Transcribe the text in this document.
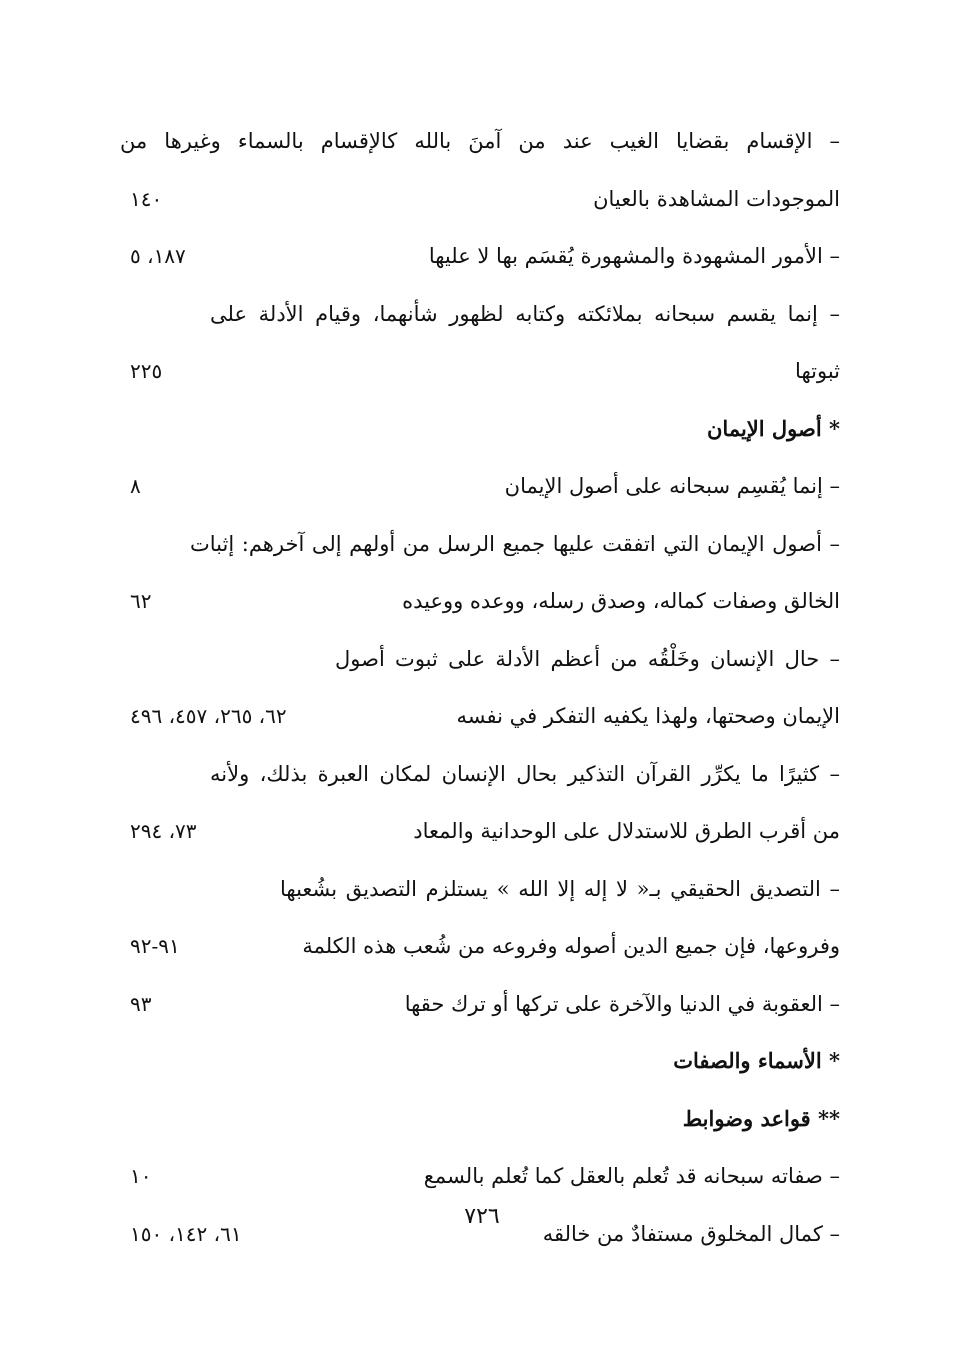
– الإقسام بقضايا الغيب عند من آمنَ بالله كالإقسام بالسماء وغيرها من
الموجودات المشاهدة بالعيان
١٤٠
– الأمور المشهودة والمشهورة يُقسَم بها لا عليها
١٨٧، ٥
– إنما يقسم سبحانه بملائكته وكتابه لظهور شأنهما، وقيام الأدلة على
ثبوتها
٢٢٥
* أصول الإيمان
– إنما يُقسِم سبحانه على أصول الإيمان
٨
– أصول الإيمان التي اتفقت عليها جميع الرسل من أولهم إلى آخرهم: إثبات
الخالق وصفات كماله، وصدق رسله، ووعده ووعيده
٦٢
– حال الإنسان وخَلْقُه من أعظم الأدلة على ثبوت أصول
الإيمان وصحتها، ولهذا يكفيه التفكر في نفسه
٦٢، ٢٦٥، ٤٥٧، ٤٩٦
– كثيرًا ما يكرِّر القرآن التذكير بحال الإنسان لمكان العبرة بذلك، ولأنه
من أقرب الطرق للاستدلال على الوحدانية والمعاد
٧٣، ٢٩٤
– التصديق الحقيقي بـ« لا إله إلا الله » يستلزم التصديق بشُعبها
وفروعها، فإن جميع الدين أصوله وفروعه من شُعب هذه الكلمة
٩١-٩٢
– العقوبة في الدنيا والآخرة على تركها أو ترك حقها
٩٣
* الأسماء والصفات
** قواعد وضوابط
– صفاته سبحانه قد تُعلم بالعقل كما تُعلم بالسمع
١٠
٧٢٦
– كمال المخلوق مستفادٌ من خالقه
٦١، ١٤٢، ١٥٠
